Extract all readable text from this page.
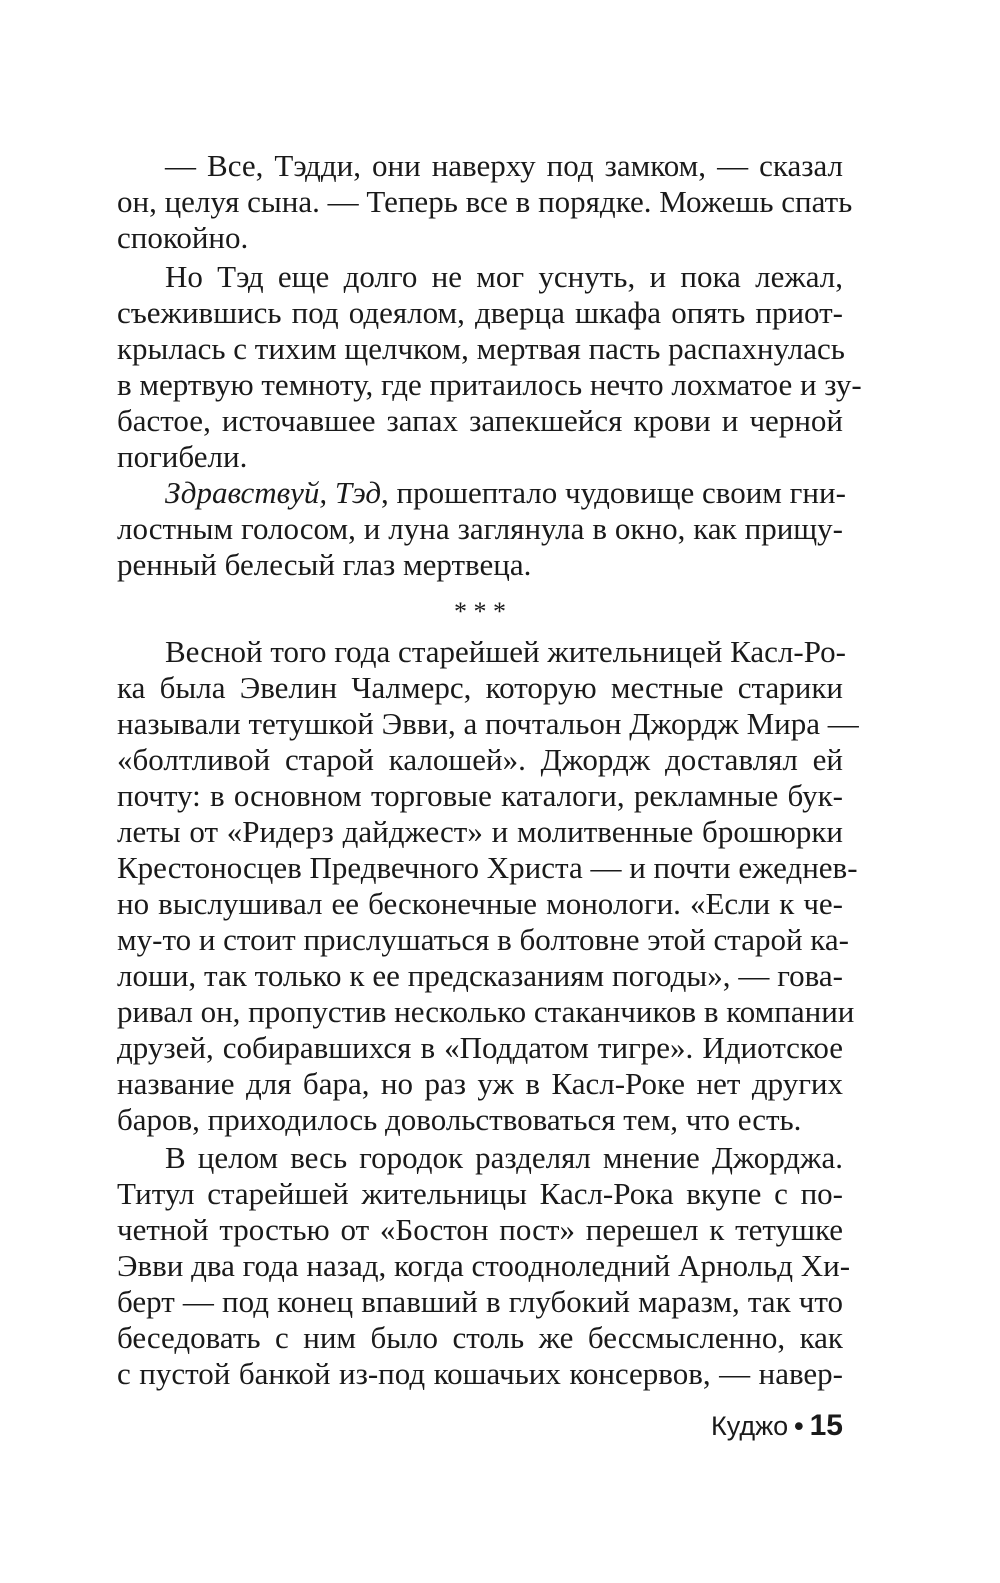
— Все, Тэдди, они наверху под замком, — сказал
он, целуя сына. — Теперь все в порядке. Можешь спать
спокойно.
Но Тэд еще долго не мог уснуть, и пока лежал,
съежившись под одеялом, дверца шкафа опять приот-
крылась с тихим щелчком, мертвая пасть распахнулась
в мертвую темноту, где притаилось нечто лохматое и зу-
бастое, источавшее запах запекшейся крови и черной
погибели.
Здравствуй, Тэд, прошептало чудовище своим гни-
лостным голосом, и луна заглянула в окно, как прищу-
ренный белесый глаз мертвеца.
* * *
Весной того года старейшей жительницей Касл-Ро-
ка была Эвелин Чалмерс, которую местные старики
называли тетушкой Эвви, а почтальон Джордж Мира —
«болтливой старой калошей». Джордж доставлял ей
почту: в основном торговые каталоги, рекламные бук-
леты от «Ридерз дайджест» и молитвенные брошюрки
Крестоносцев Предвечного Христа — и почти ежеднев-
но выслушивал ее бесконечные монологи. «Если к че-
му-то и стоит прислушаться в болтовне этой старой ка-
лоши, так только к ее предсказаниям погоды», — гова-
ривал он, пропустив несколько стаканчиков в компании
друзей, собиравшихся в «Поддатом тигре». Идиотское
название для бара, но раз уж в Касл-Роке нет других
баров, приходилось довольствоваться тем, что есть.
В целом весь городок разделял мнение Джорджа.
Титул старейшей жительницы Касл-Рока вкупе с по-
четной тростью от «Бостон пост» перешел к тетушке
Эвви два года назад, когда стоодноледний Арнольд Хи-
берт — под конец впавший в глубокий маразм, так что
беседовать с ним было столь же бессмысленно, как
с пустой банкой из-под кошачьих консервов, — навер-
Куджо • 15
